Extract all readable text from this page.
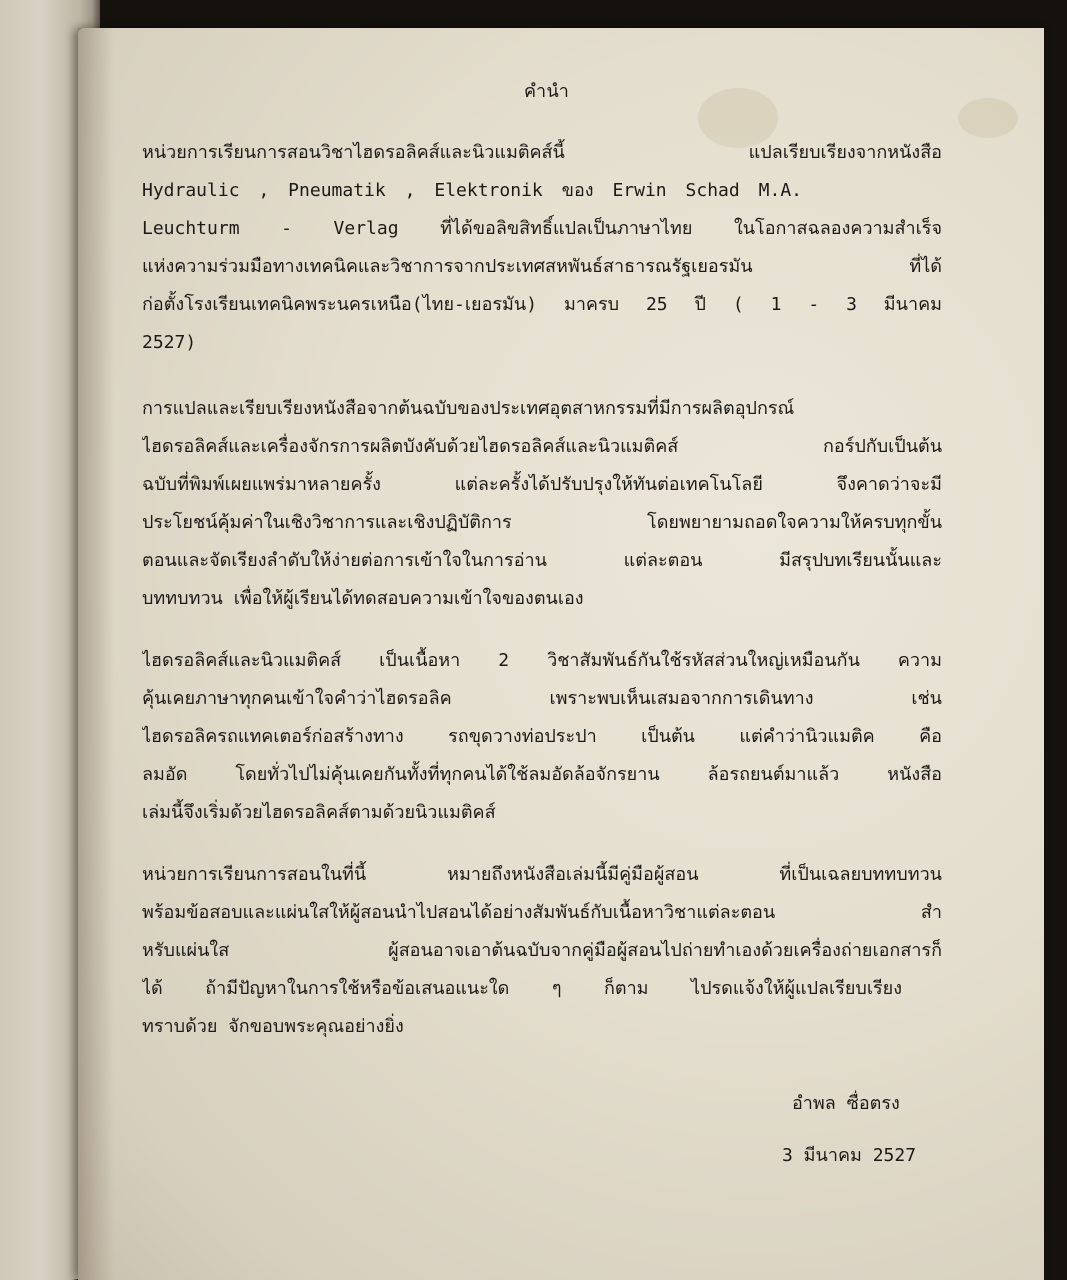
คำนำ
หน่วยการเรียนการสอนวิชาไฮดรอลิคส์และนิวแมติคส์นี้ แปลเรียบเรียงจากหนังสือ
Hydraulic , Pneumatik , Elektronik ของ Erwin Schad M.A.
Leuchturm - Verlag ที่ได้ขอลิขสิทธิ์แปลเป็นภาษาไทย ในโอกาสฉลองความสำเร็จ
แห่งความร่วมมือทางเทคนิคและวิชาการจากประเทศสหพันธ์สาธารณรัฐเยอรมัน ที่ได้
ก่อตั้งโรงเรียนเทคนิคพระนครเหนือ(ไทย-เยอรมัน) มาครบ 25 ปี ( 1 - 3 มีนาคม
2527)
การแปลและเรียบเรียงหนังสือจากต้นฉบับของประเทศอุตสาหกรรมที่มีการผลิตอุปกรณ์
ไฮดรอลิคส์และเครื่องจักรการผลิตบังคับด้วยไฮดรอลิคส์และนิวแมติคส์ กอร์ปกับเป็นต้น
ฉบับที่พิมพ์เผยแพร่มาหลายครั้ง แต่ละครั้งได้ปรับปรุงให้ทันต่อเทคโนโลยี จึงคาดว่าจะมี
ประโยชน์คุ้มค่าในเชิงวิชาการและเชิงปฏิบัติการ โดยพยายามถอดใจความให้ครบทุกขั้น
ตอนและจัดเรียงลำดับให้ง่ายต่อการเข้าใจในการอ่าน แต่ละตอน มีสรุปบทเรียนนั้นและ
บททบทวน เพื่อให้ผู้เรียนได้ทดสอบความเข้าใจของตนเอง
ไฮดรอลิคส์และนิวแมติคส์ เป็นเนื้อหา 2 วิชาสัมพันธ์กันใช้รหัสส่วนใหญ่เหมือนกัน ความ
คุ้นเคยภาษาทุกคนเข้าใจคำว่าไฮดรอลิค เพราะพบเห็นเสมอจากการเดินทาง เช่น
ไฮดรอลิครถแทคเตอร์ก่อสร้างทาง รถขุดวางท่อประปา เป็นต้น แต่คำว่านิวแมติค คือ
ลมอัด โดยทั่วไปไม่คุ้นเคยกันทั้งที่ทุกคนได้ใช้ลมอัดล้อจักรยาน ล้อรถยนต์มาแล้ว หนังสือ
เล่มนี้จึงเริ่มด้วยไฮดรอลิคส์ตามด้วยนิวแมติคส์
หน่วยการเรียนการสอนในที่นี้ หมายถึงหนังสือเล่มนี้มีคู่มือผู้สอน ที่เป็นเฉลยบททบทวน
พร้อมข้อสอบและแผ่นใสให้ผู้สอนนำไปสอนได้อย่างสัมพันธ์กับเนื้อหาวิชาแต่ละตอน สำ
หรับแผ่นใส ผู้สอนอาจเอาต้นฉบับจากคู่มือผู้สอนไปถ่ายทำเองด้วยเครื่องถ่ายเอกสารก็
ได้ ถ้ามีปัญหาในการใช้หรือข้อเสนอแนะใด ๆ ก็ตาม ไปรดแจ้งให้ผู้แปลเรียบเรียง
ทราบด้วย จักขอบพระคุณอย่างยิ่ง
อำพล ซื่อตรง
3 มีนาคม 2527
